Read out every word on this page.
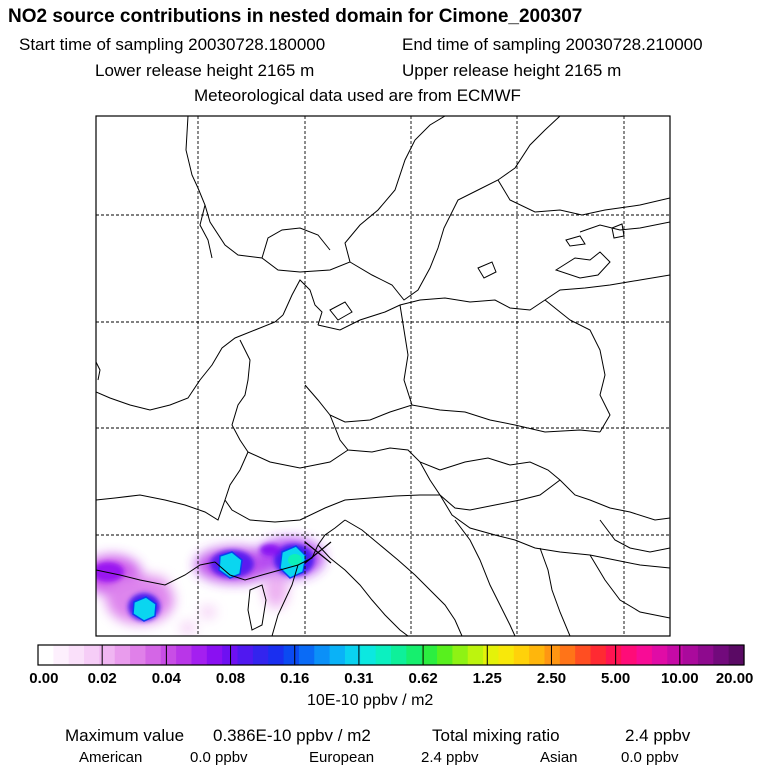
NO2 source contributions in nested domain for Cimone_200307
Start time of sampling 20030728.180000	End time of sampling 20030728.210000
Lower release height 2165 m	Upper release height 2165 m
Meteorological data used are from ECMWF
0.00 0.02 0.04 0.08 0.16 0.31 0.62 1.25 2.50 5.00 10.00 20.00
10E-10 ppbv / m2
Maximum value 0.386E-10 ppbv / m2	Total mixing ratio	2.4 ppbv
American	0.0 ppbv	European	2.4 ppbv	Asian	0.0 ppbv
